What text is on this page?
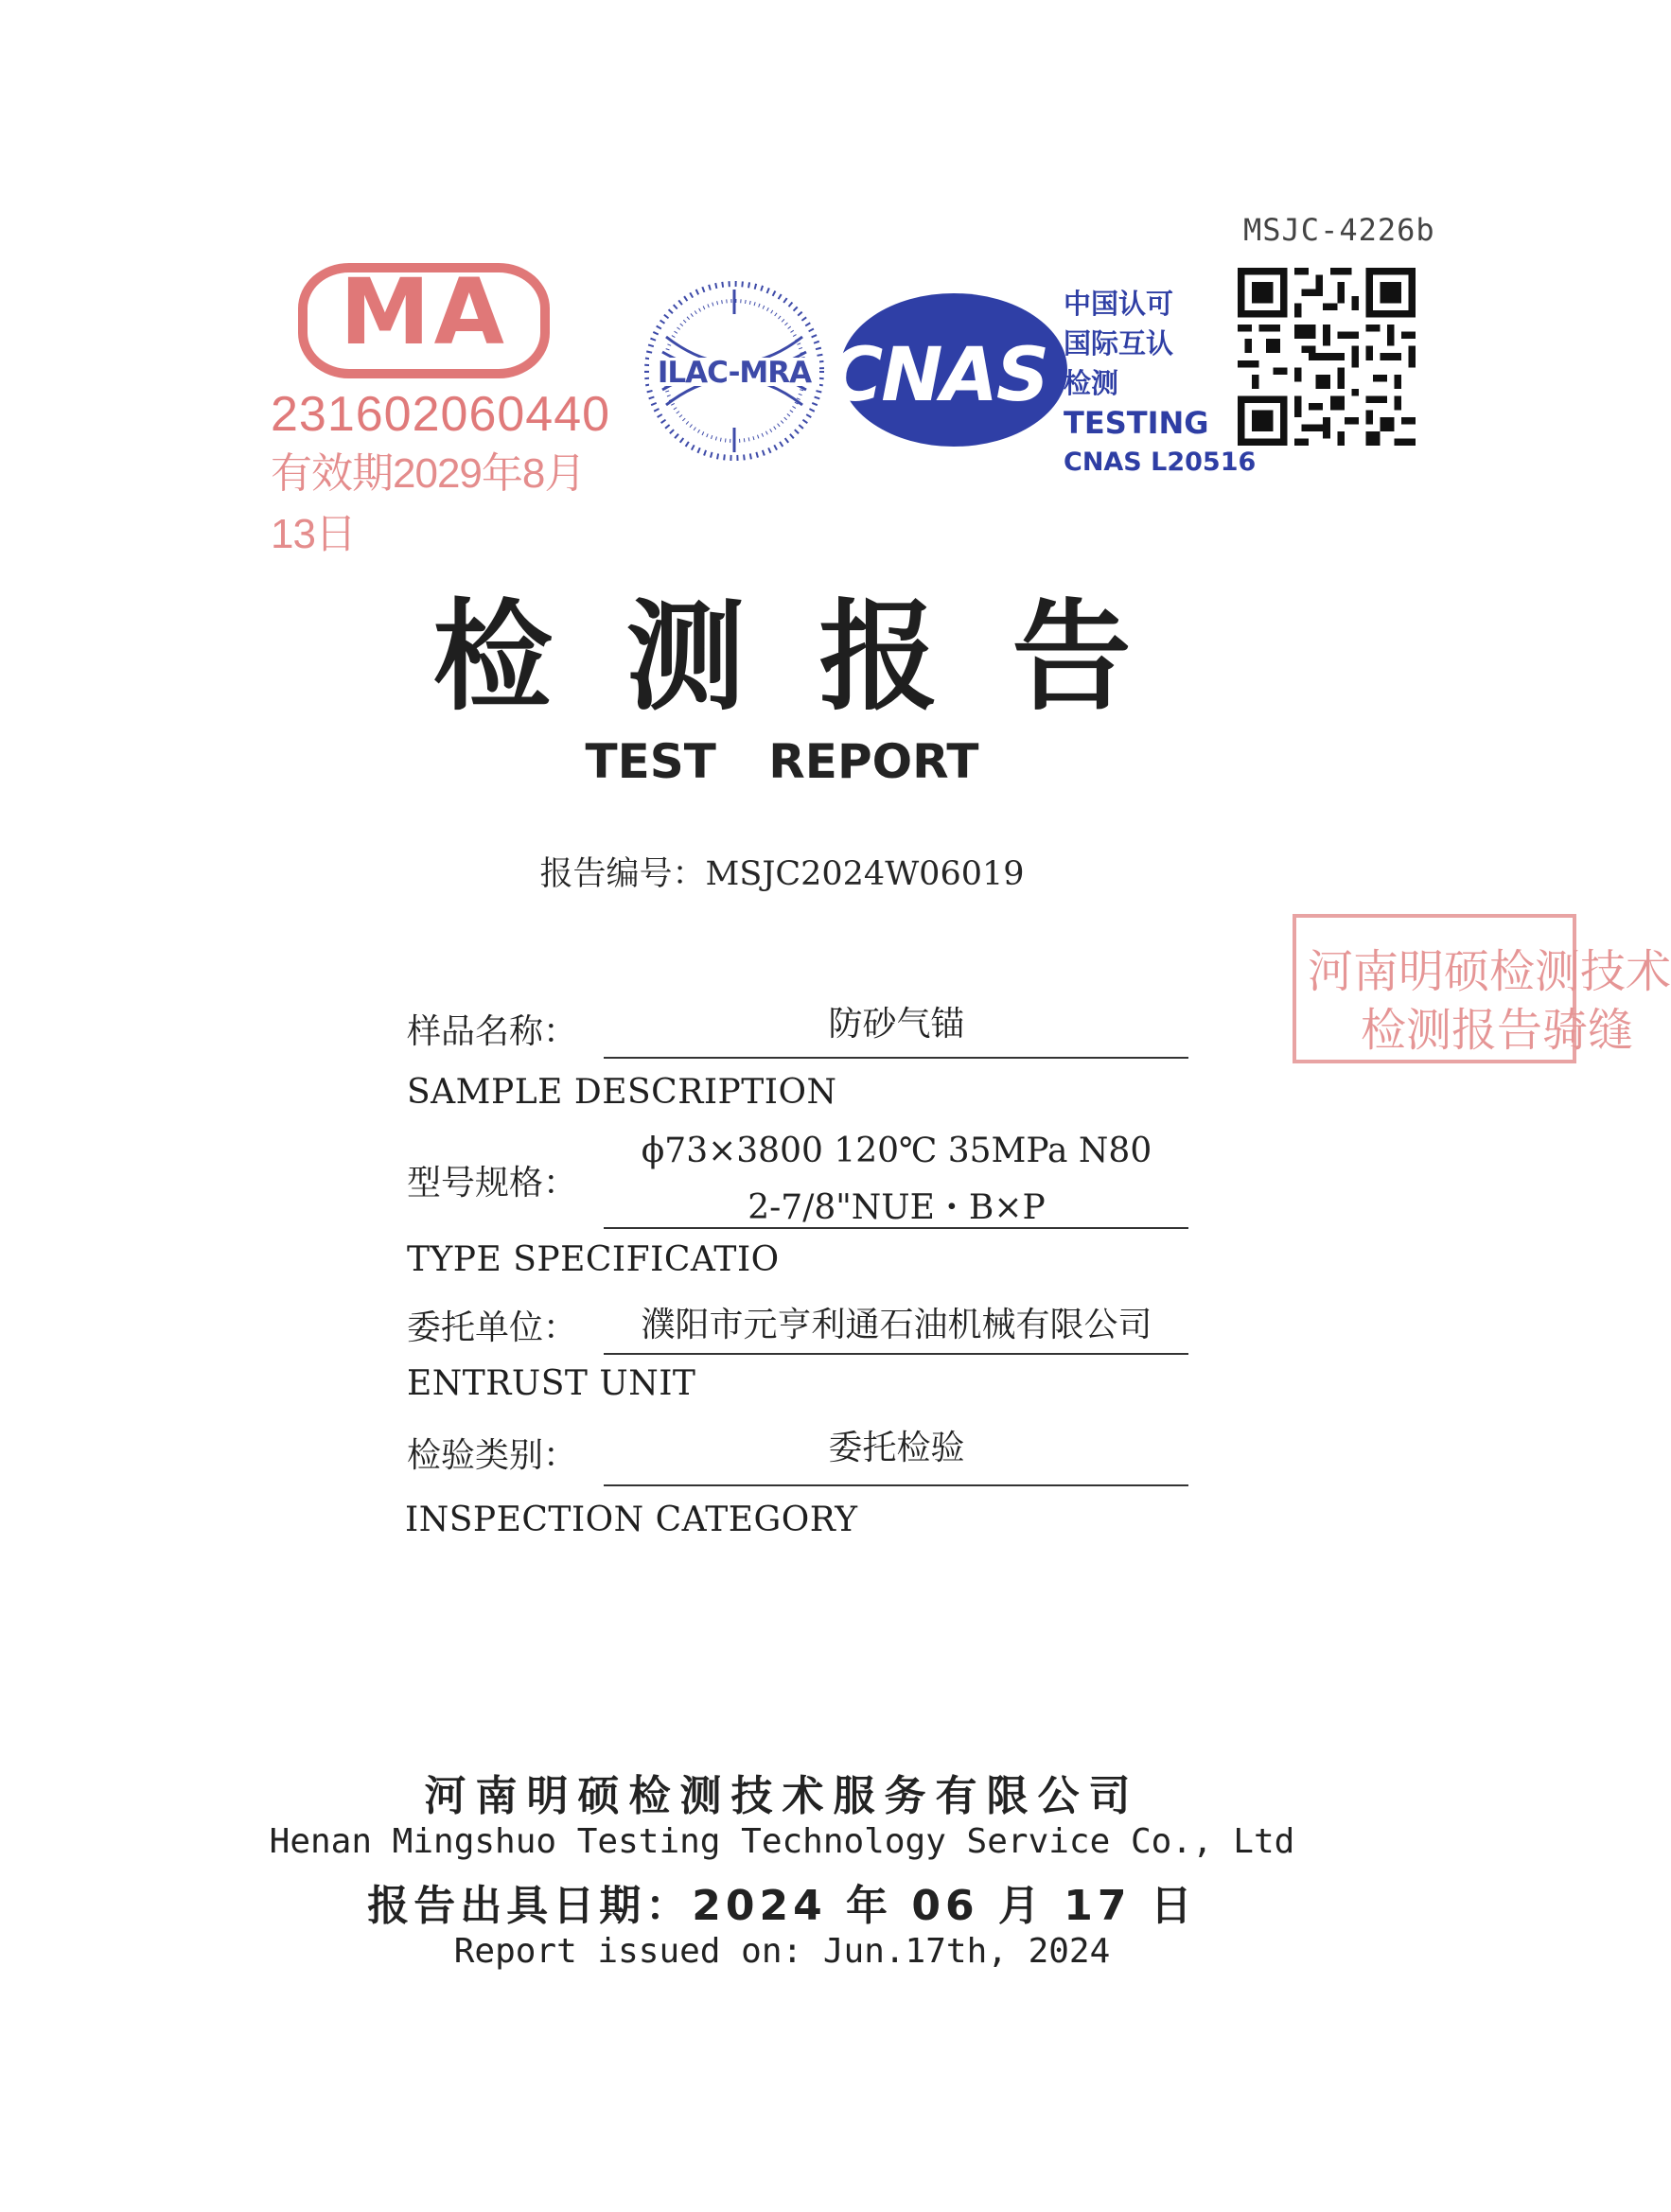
MSJC-4226b
MA
231602060440
有效期2029年8月13日
ILAC-MRA CNAS
中国认可
国际互认
检测
TESTING
CNAS L20516
检测报告
TEST REPORT
报告编号：MSJC2024W06019
河南明硕检测技术
检测报告骑缝
样品名称：	防砂气锚
SAMPLE DESCRIPTION
型号规格：
ϕ73×3800 120℃ 35MPa N80
2-7/8"NUE・B×P
TYPE SPECIFICATIO
委托单位：	濮阳市元亨利通石油机械有限公司
ENTRUST UNIT
检验类别：	委托检验
INSPECTION CATEGORY
河南明硕检测技术服务有限公司
Henan Mingshuo Testing Technology Service Co., Ltd
报告出具日期：2024 年 06 月 17 日
Report issued on: Jun.17th, 2024
